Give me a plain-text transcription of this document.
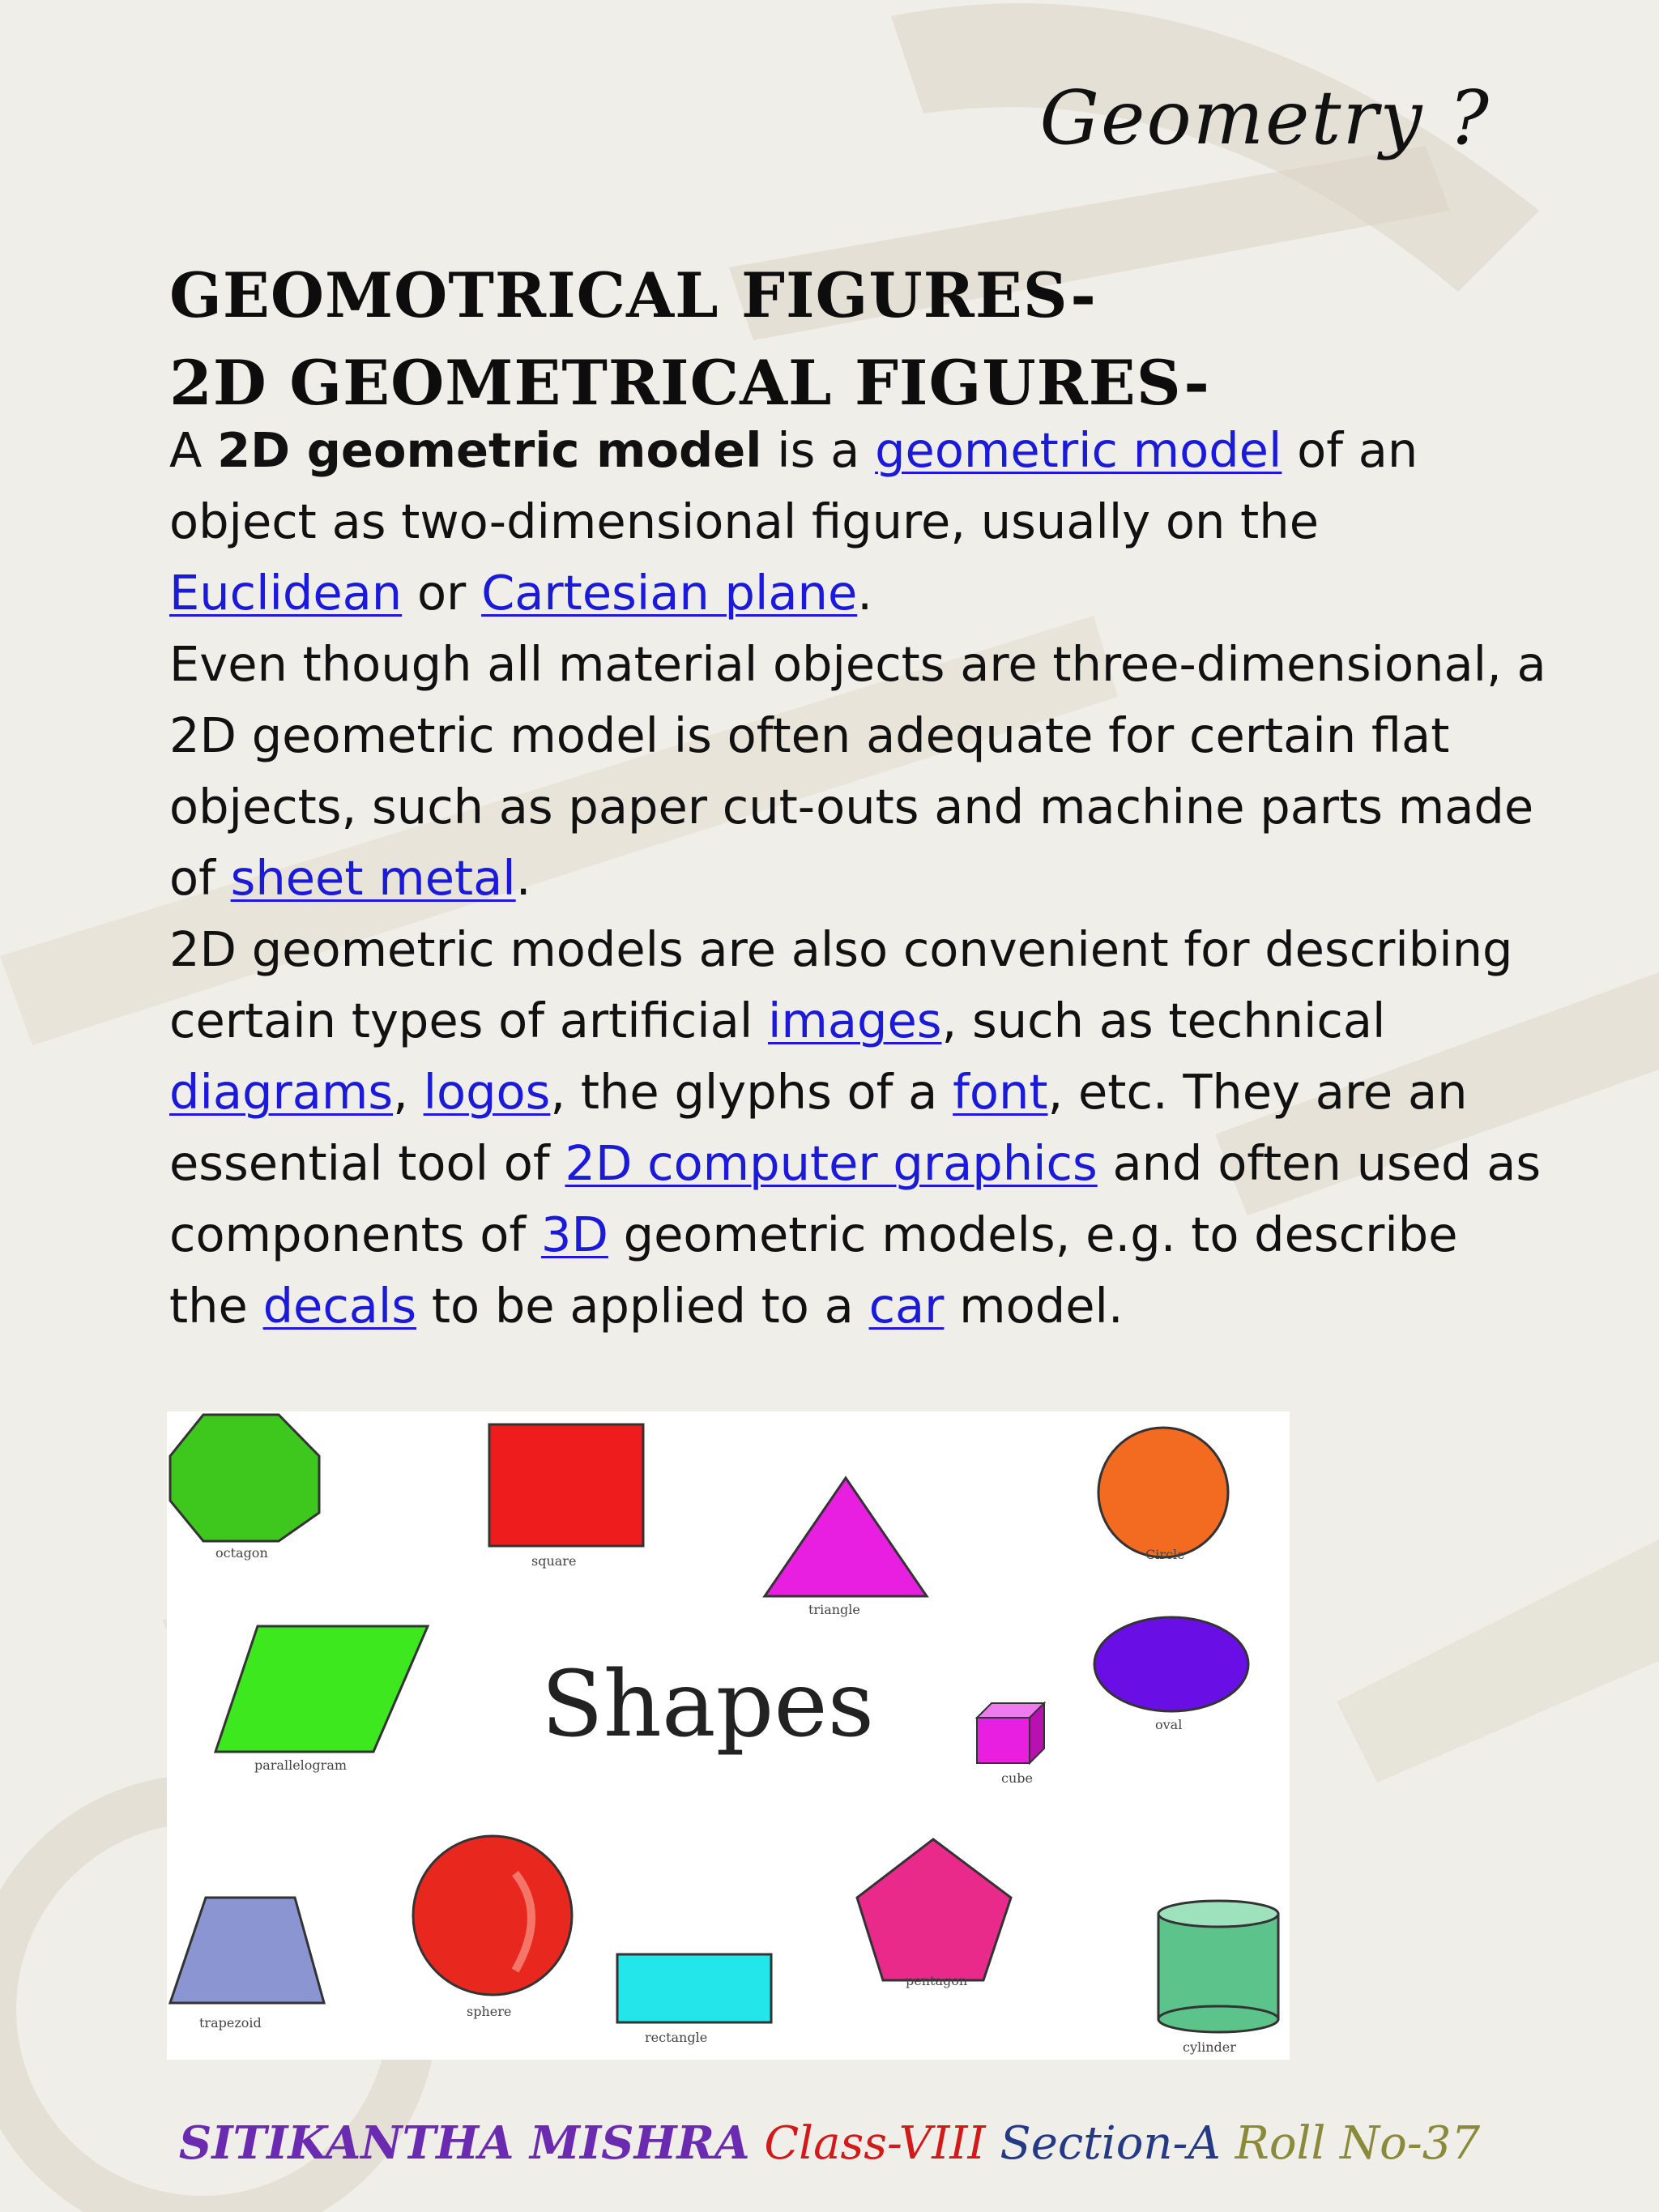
Geometry ?
GEOMOTRICAL FIGURES-
2D GEOMETRICAL FIGURES-

A 2D geometric model is a geometric model of an object as two-dimensional figure, usually on the Euclidean or Cartesian plane.

Even though all material objects are three-dimensional, a 2D geometric model is often adequate for certain flat objects, such as paper cut-outs and machine parts made of sheet metal.

2D geometric models are also convenient for describing certain types of artificial images, such as technical diagrams, logos, the glyphs of a font, etc. They are an essential tool of 2D computer graphics and often used as components of 3D geometric models, e.g. to describe the decals to be applied to a car model.

octagon
square
triangle
Circle
parallelogram
Shapes
cube
oval
trapezoid
sphere
rectangle
pentagon
cylinder
SITIKANTHA MISHRA Class-VIII Section-A Roll No-37
